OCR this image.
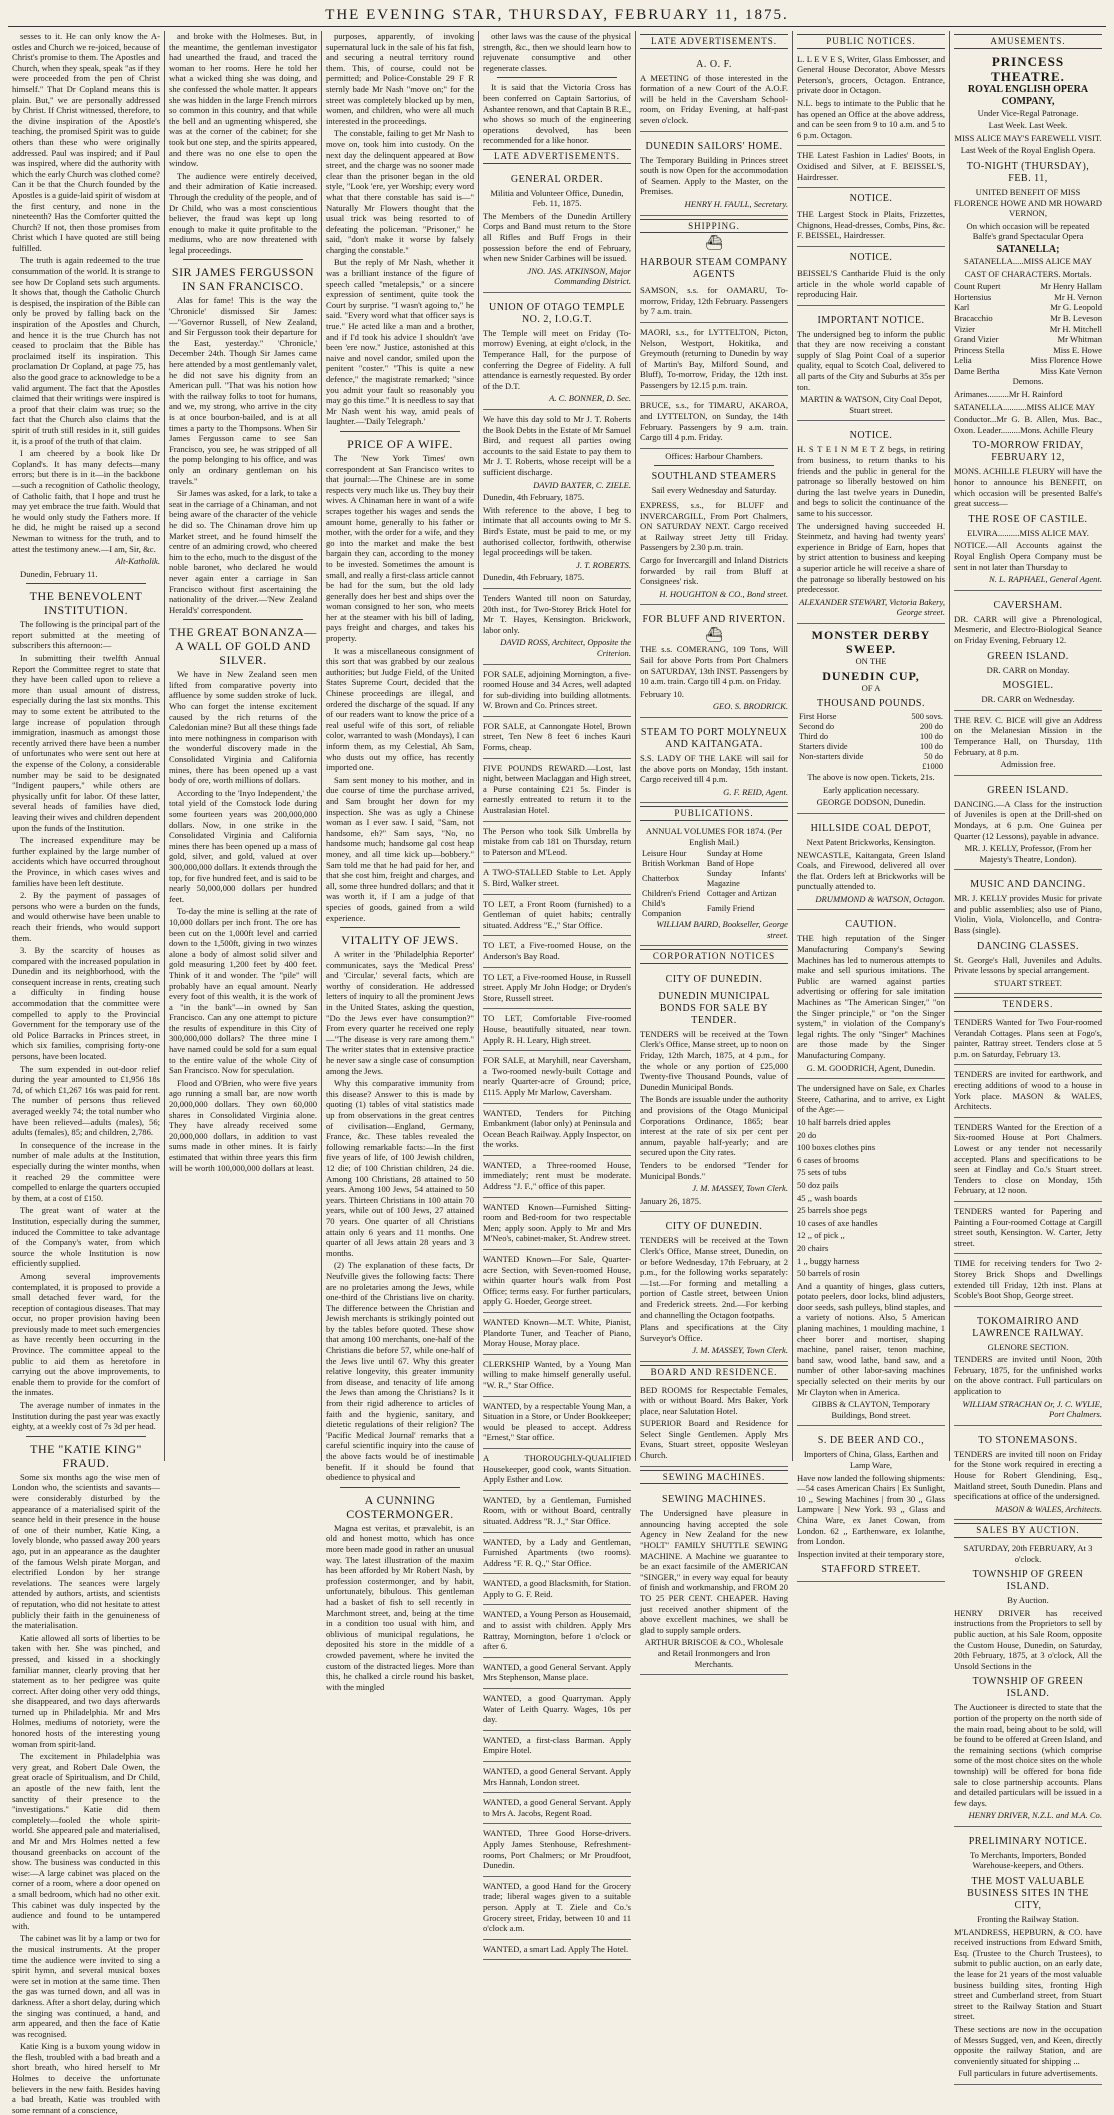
THE EVENING STAR, THURSDAY, FEBRUARY 11, 1875.

sesses to it. He can only know the A-ostles and Church we re-joiced, because of Christ's promise to them. The Apostles and Church, when they speak, speak "as if they were proceeded from the pen of Christ himself." That Dr Copland means this is plain. But," we are personally addressed by Christ. If Christ witnessed, therefore, to the divine inspiration of the Apostle's teaching, the promised Spirit was to guide others than these who were originally addressed. Paul was inspired; and if Paul was inspired, where did the authority with which the early Church was clothed come? Can it be that the Church founded by the Apostles is a guide-laid spirit of wisdom at the first century, and none in the nineteenth? Has the Comforter quitted the Church? If not, then those promises from Christ which I have quoted are still being fulfilled.

The truth is again redeemed to the true consummation of the world. It is strange to see how Dr Copland sets such arguments. It shows that, though the Catholic Church is despised, the inspiration of the Bible can only be proved by falling back on the inspiration of the Apostles and Church, and hence it is the true Church has not ceased to proclaim that the Bible has proclaimed itself its inspiration. This proclamation Dr Copland, at page 75, has also the good grace to acknowledge to be a valid argument. The fact that the Apostles claimed that their writings were inspired is a proof that their claim was true; so the fact that the Church also claims that the spirit of truth still resides in it, still guides it, is a proof of the truth of that claim.

I am cheered by a book like Dr Copland's. It has many defects—many errors; but there is in it—in the backbone—such a recognition of Catholic theology, of Catholic faith, that I hope and trust he may yet embrace the true faith. Would that he would only study the Fathers more. If he did, he might be raised up a second Newman to witness for the truth, and to attest the testimony anew.—I am, Sir, &c.

Alt-Katholik.

Dunedin, February 11.

THE BENEVOLENT INSTITUTION.

The following is the principal part of the report submitted at the meeting of subscribers this afternoon:—

In submitting their twelfth Annual Report the Committee regret to state that they have been called upon to relieve a more than usual amount of distress, especially during the last six months. This may to some extent be attributed to the large increase of population through immigration, inasmuch as amongst those recently arrived there have been a number of unfortunates who were sent out here at the expense of the Colony, a considerable number may be said to be designated "Indigent paupers," while others are physically unfit for labor. Of these latter, several heads of families have died, leaving their wives and children dependent upon the funds of the Institution.

The increased expenditure may be further explained by the large number of accidents which have occurred throughout the Province, in which cases wives and families have been left destitute.

2. By the payment of passages of persons who were a burden on the funds, and would otherwise have been unable to reach their friends, who would support them.

3. By the scarcity of houses as compared with the increased population in Dunedin and its neighborhood, with the consequent increase in rents, creating such a difficulty in finding house accommodation that the committee were compelled to apply to the Provincial Government for the temporary use of the old Police Barracks in Princes street, in which six families, comprising forty-one persons, have been located.

The sum expended in out-door relief during the year amounted to £1,956 18s 7d, of which £1,267 16s was paid for rent. The number of persons thus relieved averaged weekly 74; the total number who have been relieved—adults (males), 56; adults (females), 85; and children, 2,786.

In consequence of the increase in the number of male adults at the Institution, especially during the winter months, when it reached 29 the committee were compelled to enlarge the quarters occupied by them, at a cost of £150.

The great want of water at the Institution, especially during the summer, induced the Committee to take advantage of the Company's water, from which source the whole Institution is now efficiently supplied.

Among several improvements contemplated, it is proposed to provide a small detached fever ward, for the reception of contagious diseases. That may occur, no proper provision having been previously made to meet such emergencies as have recently been occurring in the Province. The committee appeal to the public to aid them as heretofore in carrying out the above improvements, to enable them to provide for the comfort of the inmates.

The average number of inmates in the Institution during the past year was exactly eighty, at a weekly cost of 7s 3d per head.

THE "KATIE KING" FRAUD.

Some six months ago the wise men of London who, the scientists and savants—were considerably disturbed by the appearance of a materialised spirit of the seance held in their presence in the house of one of their number, Katie King, a lovely blonde, who passed away 200 years ago, put in an appearance as the daughter of the famous Welsh pirate Morgan, and electrified London by her strange revelations. The seances were largely attended by authors, artists, and scientists of reputation, who did not hesitate to attest publicly their faith in the genuineness of the materialisation.

Katie allowed all sorts of liberties to be taken with her. She was pinched, and pressed, and kissed in a shockingly familiar manner, clearly proving that her statement as to her pedigree was quite correct. After doing other very odd things, she disappeared, and two days afterwards turned up in Philadelphia. Mr and Mrs Holmes, mediums of notoriety, were the honored hosts of the interesting young woman from spirit-land.

The excitement in Philadelphia was very great, and Robert Dale Owen, the great oracle of Spiritualism, and Dr Child, an apostle of the new faith, lent the sanctity of their presence to the "investigations." Katie did them completely—fooled the whole spirit-world. She appeared pale and materialised, and Mr and Mrs Holmes netted a few thousand greenbacks on account of the show. The business was conducted in this wise:—A large cabinet was placed on the corner of a room, where a door opened on a small bedroom, which had no other exit. This cabinet was duly inspected by the audience and found to be untampered with.

The cabinet was lit by a lamp or two for the musical instruments. At the proper time the audience were invited to sing a spirit hymn, and several musical boxes were set in motion at the same time. Then the gas was turned down, and all was in darkness. After a short delay, during which the singing was continued, a hand, and arm appeared, and then the face of Katie was recognised.

Katie King is a buxom young widow in the flesh, troubled with a bad breath and a short breath, who hired herself to Mr Holmes to deceive the unfortunate believers in the new faith. Besides having a bad breath, Katie was troubled with some remnant of a conscience,

and broke with the Holmeses. But, in the meantime, the gentleman investigator had unearthed the fraud, and traced the woman to her rooms. Here he told her what a wicked thing she was doing, and she confessed the whole matter. It appears she was hidden in the large French mirrors so common in this country, and that while the bell and an ugmenting whispered, she was at the corner of the cabinet; for she took but one step, and the spirits appeared, and there was no one else to open the window.

The audience were entirely deceived, and their admiration of Katie increased. Through the credulity of the people, and of Dr Child, who was a most conscientious believer, the fraud was kept up long enough to make it quite profitable to the mediums, who are now threatened with legal proceedings.

SIR JAMES FERGUSSON IN SAN FRANCISCO.

Alas for fame! This is the way the 'Chronicle' dismissed Sir James:—"Governor Russell, of New Zealand, and Sir Fergusson took their departure for the East, yesterday." 'Chronicle,' December 24th. Though Sir James came here attended by a most gentlemanly valet, he did not save his dignity from an American pull. "That was his notion how with the railway folks to toot for humans, and we, my strong, who arrive in the city is at once bourbon-bailed, and is at all times a party to the Thompsons. When Sir James Fergusson came to see San Francisco, you see, he was stripped of all the pomp belonging to his office, and was only an ordinary gentleman on his travels."

Sir James was asked, for a lark, to take a seat in the carriage of a Chinaman, and not being aware of the character of the vehicle he did so. The Chinaman drove him up Market street, and he found himself the centre of an admiring crowd, who cheered him to the echo, much to the disgust of the noble baronet, who declared he would never again enter a carriage in San Francisco without first ascertaining the nationality of the driver.—'New Zealand Herald's' correspondent.

THE GREAT BONANZA—A WALL OF GOLD AND SILVER.

We have in New Zealand seen men lifted from comparative poverty into affluence by some sudden stroke of luck. Who can forget the intense excitement caused by the rich returns of the Caledonian mine? But all these things fade into mere nothingness in comparison with the wonderful discovery made in the Consolidated Virginia and California mines, there has been opened up a vast body of ore, worth millions of dollars.

According to the 'Inyo Independent,' the total yield of the Comstock lode during some fourteen years was 200,000,000 dollars. Now, in one strike in the Consolidated Virginia and California mines there has been opened up a mass of gold, silver, and gold, valued at over 300,000,000 dollars. It extends through the top, for five hundred feet, and is said to be nearly 50,000,000 dollars per hundred feet.

To-day the mine is selling at the rate of 10,000 dollars per inch front. The ore has been cut on the 1,000ft level and carried down to the 1,500ft, giving in two winzes alone a body of almost solid silver and gold measuring 1,200 feet by 400 feet. Think of it and wonder. The "pile" will probably have an equal amount. Nearly every foot of this wealth, it is the work of a "in the bank"—in owned by San Francisco. Can any one attempt to picture the results of expenditure in this City of 300,000,000 dollars? The three mine I have named could be sold for a sum equal to the entire value of the whole City of San Francisco. Now for speculation.

Flood and O'Brien, who were five years ago running a small bar, are now worth 20,000,000 dollars. They own 60,000 shares in Consolidated Virginia alone. They have already received some 20,000,000 dollars, in addition to vast sums made in other mines. It is fairly estimated that within three years this firm will be worth 100,000,000 dollars at least.

purposes, apparently, of invoking supernatural luck in the sale of his fat fish, and securing a neutral territory round them. This, of course, could not be permitted; and Police-Constable 29 F R sternly bade Mr Nash "move on;" for the street was completely blocked up by men, women, and children, who were all much interested in the proceedings.

The constable, failing to get Mr Nash to move on, took him into custody. On the next day the delinquent appeared at Bow street, and the charge was no sooner made clear than the prisoner began in the old style, "Look 'ere, yer Worship; every word what that there constable has said is—" Naturally Mr Flowers thought that the usual trick was being resorted to of defeating the policeman. "Prisoner," he said, "don't make it worse by falsely charging the constable."

But the reply of Mr Nash, whether it was a brilliant instance of the figure of speech called "metalepsis," or a sincere expression of sentiment, quite took the Court by surprise. "I wasn't agoing to," he said. "Every word what that officer says is true." He acted like a man and a brother, and if I'd took his advice I shouldn't 'ave been 'ere now." Justice, astonished at this naive and novel candor, smiled upon the penitent "coster." "This is quite a new defence," the magistrate remarked; "since you admit your fault so reasonably you may go this time." It is needless to say that Mr Nash went his way, amid peals of laughter.—'Daily Telegraph.'

PRICE OF A WIFE.

The 'New York Times' own correspondent at San Francisco writes to that journal:—The Chinese are in some respects very much like us. They buy their wives. A Chinaman here in want of a wife scrapes together his wages and sends the amount home, generally to his father or mother, with the order for a wife, and they go into the market and make the best bargain they can, according to the money to be invested. Sometimes the amount is small, and really a first-class article cannot be had for the sum, but the old lady generally does her best and ships over the woman consigned to her son, who meets her at the steamer with his bill of lading, pays freight and charges, and takes his property.

It was a miscellaneous consignment of this sort that was grabbed by our zealous authorities; but Judge Field, of the United States Supreme Court, decided that the Chinese proceedings are illegal, and ordered the discharge of the squad. If any of our readers want to know the price of a real useful wife of this sort, of reliable color, warranted to wash (Mondays), I can inform them, as my Celestial, Ah Sam, who dusts out my office, has recently imported one.

Sam sent money to his mother, and in due course of time the purchase arrived, and Sam brought her down for my inspection. She was as ugly a Chinese woman as I ever saw. I said, "Sam, not handsome, eh?" Sam says, "No, no handsome much; handsome gal cost heap money, and all time kick up—bobbery." Sam told me that he had paid for her, and that she cost him, freight and charges, and all, some three hundred dollars; and that it was worth it, if I am a judge of that species of goods, gained from a wild experience.

VITALITY OF JEWS.

A writer in the 'Philadelphia Reporter' communicates, says the 'Medical Press' and 'Circular,' several facts, which are worthy of consideration. He addressed letters of inquiry to all the prominent Jews in the United States, asking the question, "Do the Jews ever have consumption?" From every quarter he received one reply—"The disease is very rare among them." The writer states that in extensive practice he never saw a single case of consumption among the Jews.

Why this comparative immunity from this disease? Answer to this is made by quoting (1) tables of vital statistics made up from observations in the great centres of civilisation—England, Germany, France, &c. These tables revealed the following remarkable facts:—In the first five years of life, of 100 Jewish children, 12 die; of 100 Christian children, 24 die. Among 100 Christians, 28 attained to 50 years. Among 100 Jews, 54 attained to 50 years. Thirteen Christians in 100 attain 70 years, while out of 100 Jews, 27 attained 70 years. One quarter of all Christians attain only 6 years and 11 months. One quarter of all Jews attain 28 years and 3 months.

(2) The explanation of these facts, Dr Neufville gives the following facts: There are no proletaries among the Jews, while one-third of the Christians live on charity. The difference between the Christian and Jewish merchants is strikingly pointed out by the tables before quoted. These show that among 100 merchants, one-half of the Christians die before 57, while one-half of the Jews live until 67. Why this greater relative longevity, this greater immunity from disease, and tenacity of life among the Jews than among the Christians? Is it from their rigid adherence to articles of faith and the hygienic, sanitary, and dietetic regulations of their religion? The 'Pacific Medical Journal' remarks that a careful scientific inquiry into the cause of the above facts would be of inestimable benefit. If it should be found that obedience to physical and

A CUNNING COSTERMONGER.

Magna est veritas, et prævalebit, is an old and honest motto, which has once more been made good in rather an unusual way. The latest illustration of the maxim has been afforded by Mr Robert Nash, by profession costermonger, and by habit, unfortunately, bibulous. This gentleman had a basket of fish to sell recently in Marchmont street, and, being at the time in a condition too usual with him, and oblivious of municipal regulations, he deposited his store in the middle of a crowded pavement, where he invited the custom of the distracted lieges. More than this, he chalked a circle round his basket, with the mingled

other laws was the cause of the physical strength, &c., then we should learn how to rejuvenate consumptive and other regenerate classes.

It is said that the Victoria Cross has been conferred on Captain Sartorius, of Ashantee renown, and that Captain B R.E., who shows so much of the engineering operations devolved, has been recommended for a like honor.

LATE ADVERTISEMENTS.
GENERAL ORDER.

Militia and Volunteer Office, Dunedin, Feb. 11, 1875.

The Members of the Dunedin Artillery Corps and Band must return to the Store all Rifles and Buff Frogs in their possession before the end of February, when new Snider Carbines will be issued.

JNO. JAS. ATKINSON, Major Commanding District.

UNION OF OTAGO TEMPLE NO. 2, I.O.G.T.

The Temple will meet on Friday (To-morrow) Evening, at eight o'clock, in the Temperance Hall, for the purpose of conferring the Degree of Fidelity. A full attendance is earnestly requested. By order of the D.T.

A. C. BONNER, D. Sec.

We have this day sold to Mr J. T. Roberts the Book Debts in the Estate of Mr Samuel Bird, and request all parties owing accounts to the said Estate to pay them to Mr J. T. Roberts, whose receipt will be a sufficient discharge.

DAVID BAXTER, C. ZIELE.

Dunedin, 4th February, 1875.

With reference to the above, I beg to intimate that all accounts owing to Mr S. Bird's Estate, must be paid to me, or my authorised collector, forthwith, otherwise legal proceedings will be taken.

J. T. ROBERTS.

Dunedin, 4th February, 1875.

Tenders Wanted till noon on Saturday, 20th inst., for Two-Storey Brick Hotel for Mr T. Hayes, Kensington. Brickwork, labor only.

DAVID ROSS, Architect, Opposite the Criterion.

FOR SALE, adjoining Mornington, a five-roomed House and 34 Acres, well adapted for sub-dividing into building allotments. W. Brown and Co. Princes street.

FOR SALE, at Cannongate Hotel, Brown street, Ten New 8 feet 6 inches Kauri Forms, cheap.

FIVE POUNDS REWARD.—Lost, last night, between Maclaggan and High street, a Purse containing £21 5s. Finder is earnestly entreated to return it to the Australasian Hotel.

The Person who took Silk Umbrella by mistake from cab 181 on Thursday, return to Paterson and M'Leod.

A TWO-STALLED Stable to Let. Apply S. Bird, Walker street.

TO LET, a Front Room (furnished) to a Gentleman of quiet habits; centrally situated. Address "E.," Star Office.

TO LET, a Five-roomed House, on the Anderson's Bay Road.

TO LET, a Five-roomed House, in Russell street. Apply Mr John Hodge; or Dryden's Store, Russell street.

TO LET, Comfortable Five-roomed House, beautifully situated, near town. Apply R. H. Leary, High street.

FOR SALE, at Maryhill, near Caversham, a Two-roomed newly-built Cottage and nearly Quarter-acre of Ground; price, £115. Apply Mr Marlow, Caversham.

WANTED, Tenders for Pitching Embankment (labor only) at Peninsula and Ocean Beach Railway. Apply Inspector, on the works.

WANTED, a Three-roomed House, immediately; rent must be moderate. Address "J. F.," office of this paper.

WANTED Known—Furnished Sitting-room and Bed-room for two respectable Men; apply soon. Apply to Mr and Mrs M'Neo's, cabinet-maker, St. Andrew street.

WANTED Known—For Sale, Quarter-acre Section, with Seven-roomed House, within quarter hour's walk from Post Office; terms easy. For further particulars, apply G. Hoeder, George street.

WANTED Known—M.T. White, Pianist, Plandorte Tuner, and Teacher of Piano, Moray House, Moray place.

CLERKSHIP Wanted, by a Young Man willing to make himself generally useful. "W. R.," Star Office.

WANTED, by a respectable Young Man, a Situation in a Store, or Under Bookkeeper; would be pleased to accept. Address "Ernest," Star office.

A THOROUGHLY-QUALIFIED Housekeeper, good cook, wants Situation. Apply Esther and Low.

WANTED, by a Gentleman, Furnished Room, with or without Board, centrally situated. Address "R. J.," Star Office.

WANTED, by a Lady and Gentleman, Furnished Apartments (two rooms). Address "F. R. Q.," Star Office.

WANTED, a good Blacksmith, for Station. Apply to G. F. Reid.

WANTED, a Young Person as Housemaid, and to assist with children. Apply Mrs Rattray, Mornington, before 1 o'clock or after 6.

WANTED, a good General Servant. Apply Mrs Stephenson, Manse place.

WANTED, a good Quarryman. Apply Water of Leith Quarry. Wages, 10s per day.

WANTED, a first-class Barman. Apply Empire Hotel.

WANTED, a good General Servant. Apply Mrs Hannah, London street.

WANTED, a good General Servant. Apply to Mrs A. Jacobs, Regent Road.

WANTED, Three Good Horse-drivers. Apply James Stenhouse, Refreshment-rooms, Port Chalmers; or Mr Proudfoot, Dunedin.

WANTED, a good Hand for the Grocery trade; liberal wages given to a suitable person. Apply at T. Ziele and Co.'s Grocery street, Friday, between 10 and 11 o'clock a.m.

WANTED, a smart Lad. Apply The Hotel.

LATE ADVERTISEMENTS.
A. O. F.

A MEETING of those interested in the formation of a new Court of the A.O.F. will be held in the Caversham School-room, on Friday Evening, at half-past seven o'clock.

DUNEDIN SAILORS' HOME.

The Temporary Building in Princes street south is now Open for the accommodation of Seamen. Apply to the Master, on the Premises.

HENRY H. FAULL, Secretary.

SHIPPING.
⛴
HARBOUR STEAM COMPANY AGENTS

SAMSON, s.s. for OAMARU, To-morrow, Friday, 12th February. Passengers by 7 a.m. train.

MAORI, s.s., for LYTTELTON, Picton, Nelson, Westport, Hokitika, and Greymouth (returning to Dunedin by way of Martin's Bay, Milford Sound, and Bluff), To-morrow, Friday, the 12th inst. Passengers by 12.15 p.m. train.

BRUCE, s.s., for TIMARU, AKAROA, and LYTTELTON, on Sunday, the 14th February. Passengers by 9 a.m. train. Cargo till 4 p.m. Friday.

Offices: Harbour Chambers.

SOUTHLAND STEAMERS

Sail every Wednesday and Saturday.

EXPRESS, s.s., for BLUFF and INVERCARGILL, From Port Chalmers, ON SATURDAY NEXT. Cargo received at Railway street Jetty till Friday. Passengers by 2.30 p.m. train.

Cargo for Invercargill and Inland Districts forwarded by rail from Bluff at Consignees' risk.

H. HOUGHTON & CO., Bond street.

FOR BLUFF AND RIVERTON.
⛴

THE s.s. COMERANG, 109 Tons, Will Sail for above Ports from Port Chalmers on SATURDAY, 13th INST. Passengers by 10 a.m. train. Cargo till 4 p.m. on Friday.

February 10.

GEO. S. BRODRICK.

STEAM TO PORT MOLYNEUX AND KAITANGATA.

S.S. LADY OF THE LAKE will sail for the above ports on Monday, 15th instant. Cargo received till 4 p.m.

G. F. REID, Agent.

PUBLICATIONS.

ANNUAL VOLUMES FOR 1874. (Per English Mail.)

Leisure Hour	Sunday at Home
British Workman	Band of Hope
Chatterbox	Sunday Infants' Magazine
Children's Friend	Cottager and Artizan
Child's Companion	Family Friend

WILLIAM BAIRD, Bookseller, George street.

CORPORATION NOTICES
CITY OF DUNEDIN.
DUNEDIN MUNICIPAL BONDS FOR SALE BY TENDER.

TENDERS will be received at the Town Clerk's Office, Manse street, up to noon on Friday, 12th March, 1875, at 4 p.m., for the whole or any portion of £25,000 Twenty-five Thousand Pounds, value of Dunedin Municipal Bonds.

The Bonds are issuable under the authority and provisions of the Otago Municipal Corporations Ordinance, 1865; bear interest at the rate of six per cent per annum, payable half-yearly; and are secured upon the City rates.

Tenders to be endorsed "Tender for Municipal Bonds."

J. M. MASSEY, Town Clerk.

January 26, 1875.

CITY OF DUNEDIN.

TENDERS will be received at the Town Clerk's Office, Manse street, Dunedin, on or before Wednesday, 17th February, at 2 p.m., for the following works separately:—1st.—For forming and metalling a portion of Castle street, between Union and Frederick streets. 2nd.—For kerbing and channelling the Octagon footpaths.

Plans and specifications at the City Surveyor's Office.

J. M. MASSEY, Town Clerk.

BOARD AND RESIDENCE.

BED ROOMS for Respectable Females, with or without Board. Mrs Baker, York place, near Salutation Hotel.

SUPERIOR Board and Residence for Select Single Gentlemen. Apply Mrs Evans, Stuart street, opposite Wesleyan Church.

SEWING MACHINES.
SEWING MACHINES.

The Undersigned have pleasure in announcing having accepted the sole Agency in New Zealand for the new "HOLT" FAMILY SHUTTLE SEWING MACHINE. A Machine we guarantee to be an exact facsimile of the AMERICAN "SINGER," in every way equal for beauty of finish and workmanship, and FROM 20 TO 25 PER CENT. CHEAPER. Having just received another shipment of the above excellent machines, we shall be glad to supply sample orders.

ARTHUR BRISCOE & CO., Wholesale and Retail Ironmongers and Iron Merchants.

PUBLIC NOTICES.

L. L E V E S, Writer, Glass Embosser, and General House Decorator, Above Messrs Peterson's, grocers, Octagon. Entrance, private door in Octagon.

N.L. begs to intimate to the Public that he has opened an Office at the above address, and can be seen from 9 to 10 a.m. and 5 to 6 p.m. Octagon.

THE Latest Fashion in Ladies' Boots, in Oxidised and Silver, at F. BEISSEL'S, Hairdresser.

NOTICE.

THE Largest Stock in Plaits, Frizzettes, Chignons, Head-dresses, Combs, Pins, &c. F. BEISSEL, Hairdresser.

NOTICE.

BEISSEL'S Cantharide Fluid is the only article in the whole world capable of reproducing Hair.

IMPORTANT NOTICE.

The undersigned beg to inform the public that they are now receiving a constant supply of Slag Point Coal of a superior quality, equal to Scotch Coal, delivered to all parts of the City and Suburbs at 35s per ton.

MARTIN & WATSON, City Coal Depot, Stuart street.

NOTICE.

H. S T E I N M E T Z begs, in retiring from business, to return thanks to his friends and the public in general for the patronage so liberally bestowed on him during the last twelve years in Dunedin, and begs to solicit the continuance of the same to his successor.

The undersigned having succeeded H. Steinmetz, and having had twenty years' experience in Bridge of Earn, hopes that by strict attention to business and keeping a superior article he will receive a share of the patronage so liberally bestowed on his predecessor.

ALEXANDER STEWART, Victoria Bakery, George street.

MONSTER DERBY SWEEP.

ON THE

DUNEDIN CUP,

OF A

THOUSAND POUNDS.
First Horse	500 sovs.
Second do	200 do
Third do	100 do
Starters divide	100 do
Non-starters divide	50 do
	£1000

The above is now open. Tickets, 21s.

Early application necessary.

GEORGE DODSON, Dunedin.

HILLSIDE COAL DEPOT,

Next Patent Brickworks, Kensington.

NEWCASTLE, Kaitangata, Green Island Coals, and Firewood, delivered all over the flat. Orders left at Brickworks will be punctually attended to.

DRUMMOND & WATSON, Octagon.

CAUTION.

THE high reputation of the Singer Manufacturing Company's Sewing Machines has led to numerous attempts to make and sell spurious imitations. The Public are warned against parties advertising or offering for sale imitation Machines as "The American Singer," "on the Singer principle," or "on the Singer system," in violation of the Company's legal rights. The only "Singer" Machines are those made by the Singer Manufacturing Company.

G. M. GOODRICH, Agent, Dunedin.

The undersigned have on Sale, ex Charles Steere, Catharina, and to arrive, ex Light of the Age:—

10 half barrels dried apples

20 do

100 boxes clothes pins

6 cases of brooms

75 sets of tubs

50 doz pails

45 ,, wash boards

25 barrels shoe pegs

10 cases of axe handles

12 ,, of pick ,,

20 chairs

1 ,, buggy harness

50 barrels of rosin

And a quantity of hinges, glass cutters, potato peelers, door locks, blind adjusters, door seeds, sash pulleys, blind staples, and a variety of notions. Also, 5 American planing machines, 1 moulding machine, 1 cheer borer and mortiser, shaping machine, panel raiser, tenon machine, band saw, wood lathe, band saw, and a number of other labor-saving machines specially selected on their merits by our Mr Clayton when in America.

GIBBS & CLAYTON, Temporary Buildings, Bond street.

S. DE BEER AND CO.,

Importers of China, Glass, Earthen and Lamp Ware,

Have now landed the following shipments:—54 cases American Chairs | Ex Sunlight, 10 ,, Sewing Machines | from 30 ,, Glass Lampware | New York. 93 ,, Glass and China Ware, ex Janet Cowan, from London. 62 ,, Earthenware, ex Iolanthe, from London.

Inspection invited at their temporary store,

STAFFORD STREET.
AMUSEMENTS.
PRINCESS THEATRE.
ROYAL ENGLISH OPERA COMPANY,

Under Vice-Regal Patronage.

Last Week. Last Week.

MISS ALICE MAY'S FAREWELL VISIT.

Last Week of the Royal English Opera.

TO-NIGHT (THURSDAY), FEB. 11,

UNITED BENEFIT OF MISS FLORENCE HOWE AND MR HOWARD VERNON,

On which occasion will be repeated Balfe's grand Spectacular Opera

SATANELLA;

SATANELLA.....MISS ALICE MAY

CAST OF CHARACTERS. Mortals.

Count Rupert	Mr Henry Hallam
Hortensius	Mr H. Vernon
Karl	Mr G. Leopold
Bracacchio	Mr B. Leveson
Vizier	Mr H. Mitchell
Grand Vizier	Mr Whitman
Princess Stella	Miss E. Howe
Lelia	Miss Florence Howe
Dame Bertha	Miss Kate Vernon

Demons.

Arimanes..........Mr H. Rainford

SATANELLA...........MISS ALICE MAY

Conductor...Mr G. B. Allen, Mus. Bac., Oxon. Leader.........Mons. Achille Fleury

TO-MORROW FRIDAY, FEBRUARY 12,

MONS. ACHILLE FLEURY will have the honor to announce his BENEFIT, on which occasion will be presented Balfe's great success—

THE ROSE OF CASTILE.

ELVIRA..........MISS ALICE MAY.

NOTICE.—All Accounts against the Royal English Opera Company must be sent in not later than Thursday to

N. L. RAPHAEL, General Agent.

CAVERSHAM.

DR. CARR will give a Phrenological, Mesmeric, and Electro-Biological Seance on Friday Evening, February 12.

GREEN ISLAND.

DR. CARR on Monday.

MOSGIEL.

DR. CARR on Wednesday.

THE REV. C. BICE will give an Address on the Melanesian Mission in the Temperance Hall, on Thursday, 11th February, at 8 p.m.

Admission free.

GREEN ISLAND.

DANCING.—A Class for the instruction of Juveniles is open at the Drill-shed on Mondays, at 6 p.m. One Guinea per Quarter (12 Lessons), payable in advance.

MR. J. KELLY, Professor, (From her Majesty's Theatre, London).

MUSIC AND DANCING.

MR. J. KELLY provides Music for private and public assemblies; also use of Piano, Violin, Viola, Violoncello, and Contra-Bass (single).

DANCING CLASSES.

St. George's Hall, Juveniles and Adults. Private lessons by special arrangement.

STUART STREET.

TENDERS.

TENDERS Wanted for Two Four-roomed Verandah Cottages. Plans seen at Fogo's, painter, Rattray street. Tenders close at 5 p.m. on Saturday, February 13.

TENDERS are invited for earthwork, and erecting additions of wood to a house in York place. MASON & WALES, Architects.

TENDERS Wanted for the Erection of a Six-roomed House at Port Chalmers. Lowest or any tender not necessarily accepted. Plans and specifications to be seen at Findlay and Co.'s Stuart street. Tenders to close on Monday, 15th February, at 12 noon.

TENDERS wanted for Papering and Painting a Four-roomed Cottage at Cargill street south, Kensington. W. Carter, Jetty street.

TIME for receiving tenders for Two 2-Storey Brick Shops and Dwellings extended till Friday, 12th inst. Plans at Scoble's Boot Shop, George street.

TOKOMAIRIRO AND LAWRENCE RAILWAY.

GLENORE SECTION.

TENDERS are invited until Noon, 20th February, 1875, for the unfinished works on the above contract. Full particulars on application to

WILLIAM STRACHAN Or, J. C. WYLIE, Port Chalmers.

TO STONEMASONS.

TENDERS are invited till noon on Friday for the Stone work required in erecting a House for Robert Glendining, Esq., Maitland street, South Dunedin. Plans and specifications at office of the undersigned.

MASON & WALES, Architects.

SALES BY AUCTION.

SATURDAY, 20th FEBRUARY, At 3 o'clock.

TOWNSHIP OF GREEN ISLAND.

By Auction.

HENRY DRIVER has received instructions from the Proprietors to sell by public auction, at his Sale Room, opposite the Custom House, Dunedin, on Saturday, 20th February, 1875, at 3 o'clock, All the Unsold Sections in the

TOWNSHIP OF GREEN ISLAND.

The Auctioneer is directed to state that the portion of the property on the north side of the main road, being about to be sold, will be found to be offered at Green Island, and the remaining sections (which comprise some of the most choice sites on the whole township) will be offered for bona fide sale to close partnership accounts. Plans and detailed particulars will be issued in a few days.

HENRY DRIVER, N.Z.L. and M.A. Co.

PRELIMINARY NOTICE.

To Merchants, Importers, Bonded Warehouse-keepers, and Others.

THE MOST VALUABLE BUSINESS SITES IN THE CITY,

Fronting the Railway Station.

M'LANDRESS, HEPBURN, & CO. have received instructions from Edward Smith, Esq. (Trustee to the Church Trustees), to submit to public auction, on an early date, the lease for 21 years of the most valuable business building sites, fronting High street and Cumberland street, from Stuart street to the Railway Station and Stuart street.

These sections are now in the occupation of Messrs Sugged, ven, and Keen, directly opposite the railway Station, and are conveniently situated for shipping ...

Full particulars in future advertisements.
